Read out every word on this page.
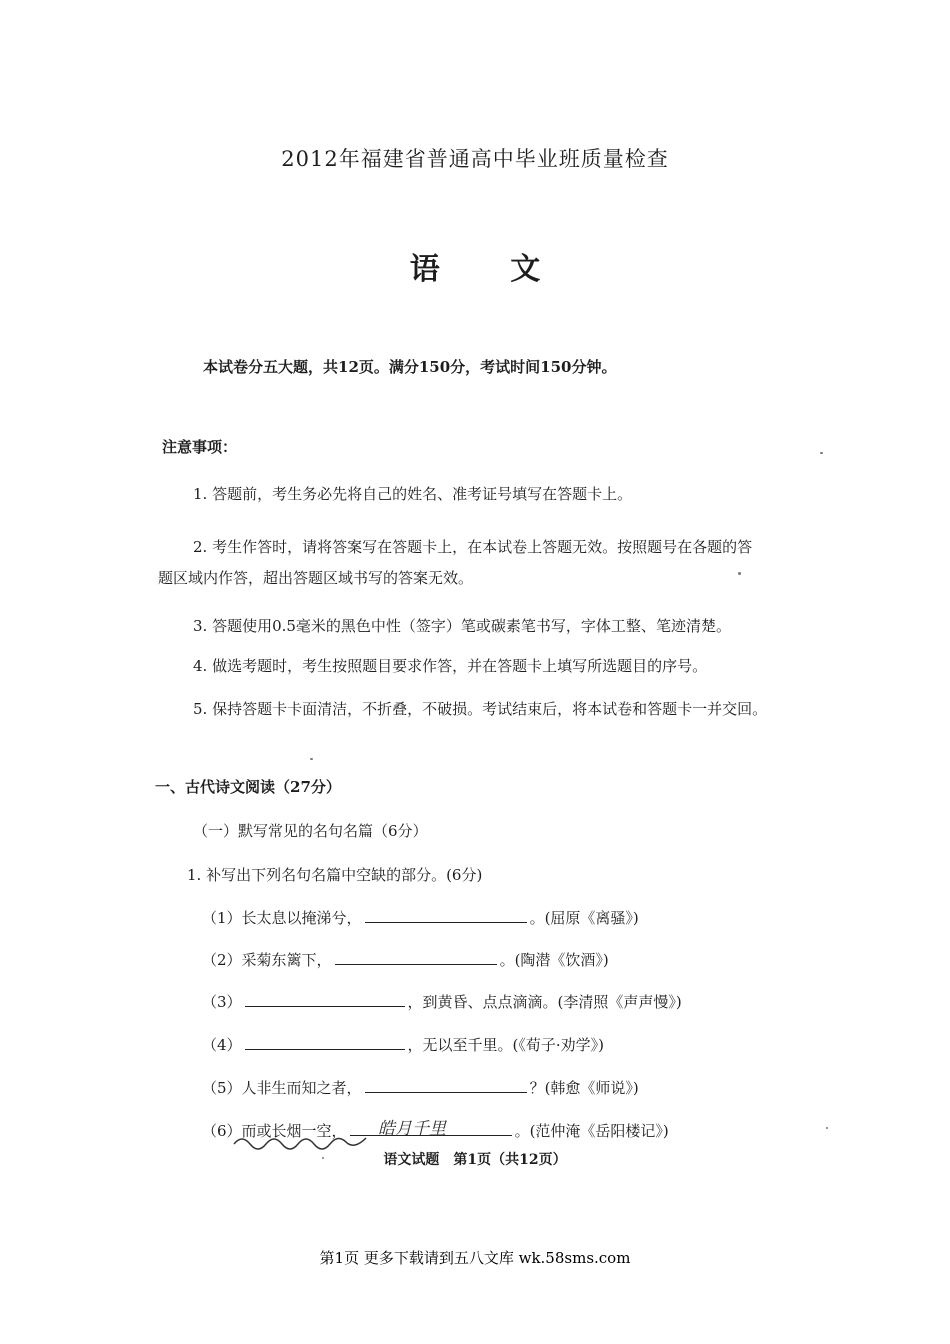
2012年福建省普通高中毕业班质量检查
语 文
本试卷分五大题，共12页。满分150分，考试时间150分钟。
注意事项：
1. 答题前，考生务必先将自己的姓名、准考证号填写在答题卡上。
2. 考生作答时，请将答案写在答题卡上，在本试卷上答题无效。按照题号在各题的答
题区域内作答，超出答题区域书写的答案无效。
3. 答题使用0.5毫米的黑色中性（签字）笔或碳素笔书写，字体工整、笔迹清楚。
4. 做选考题时，考生按照题目要求作答，并在答题卡上填写所选题目的序号。
5. 保持答题卡卡面清洁，不折叠，不破损。考试结束后，将本试卷和答题卡一并交回。
一、古代诗文阅读（27分）
（一）默写常见的名句名篇（6分）
1. 补写出下列名句名篇中空缺的部分。(6分)
（1）长太息以掩涕兮，	。(屈原《离骚》)
（2）采菊东篱下，	。(陶潜《饮酒》)
（3）	，到黄昏、点点滴滴。(李清照《声声慢》)
（4）	，无以至千里。(《荀子·劝学》)
（5）人非生而知之者，	？(韩愈《师说》)
（6）而或长烟一空，	。(范仲淹《岳阳楼记》)
皓月千里
语文试题　第1页（共12页）
第1页 更多下载请到五八文库 wk.58sms.com
